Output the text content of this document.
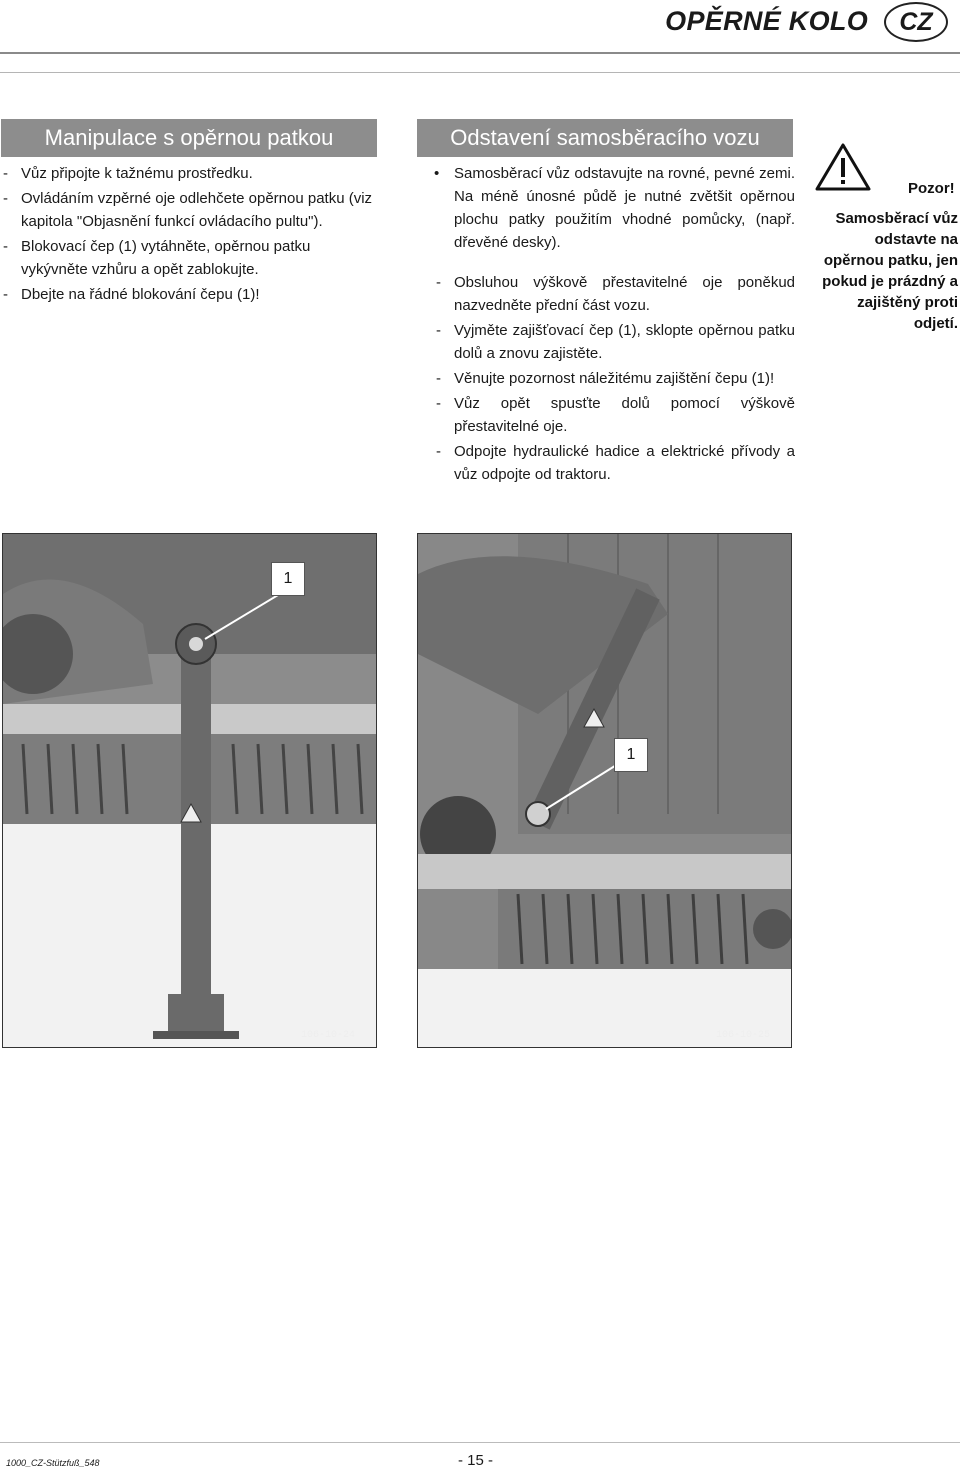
OPĚRNÉ KOLO	CZ
Manipulace s opěrnou patkou
- Vůz připojte k tažnému prostředku.
- Ovládáním vzpěrné oje odlehčete opěrnou patku (viz kapitola "Objasnění funkcí ovládacího pultu").
- Blokovací čep (1) vytáhněte, opěrnou patku vykývněte vzhůru a opět zablokujte.
- Dbejte na řádné blokování čepu (1)!
Odstavení samosběracího vozu
• Samosběrací vůz odstavujte na rovné, pevné zemi. Na méně únosné půdě je nutné zvětšit opěrnou plochu patky použitím vhodné pomůcky, (např. dřevěné desky).
- Obsluhou výškově přestavitelné oje poněkud nazvedněte přední část vozu.
- Vyjměte zajišťovací čep (1), sklopte opěrnou patku dolů a znovu zajistěte.
- Věnujte pozornost náležitému zajištění čepu (1)!
- Vůz opět spusťte dolů pomocí výškově přestavitelné oje.
- Odpojte hydraulické hadice a elektrické přívody a vůz odpojte od traktoru.
Pozor!
Samosběrací vůz odstavte na opěrnou patku, jen pokud je prázdný a zajištěný proti odjetí.
1
106-10-24
1
106-10-25
1000_CZ-Stützfuß_548	- 15 -
